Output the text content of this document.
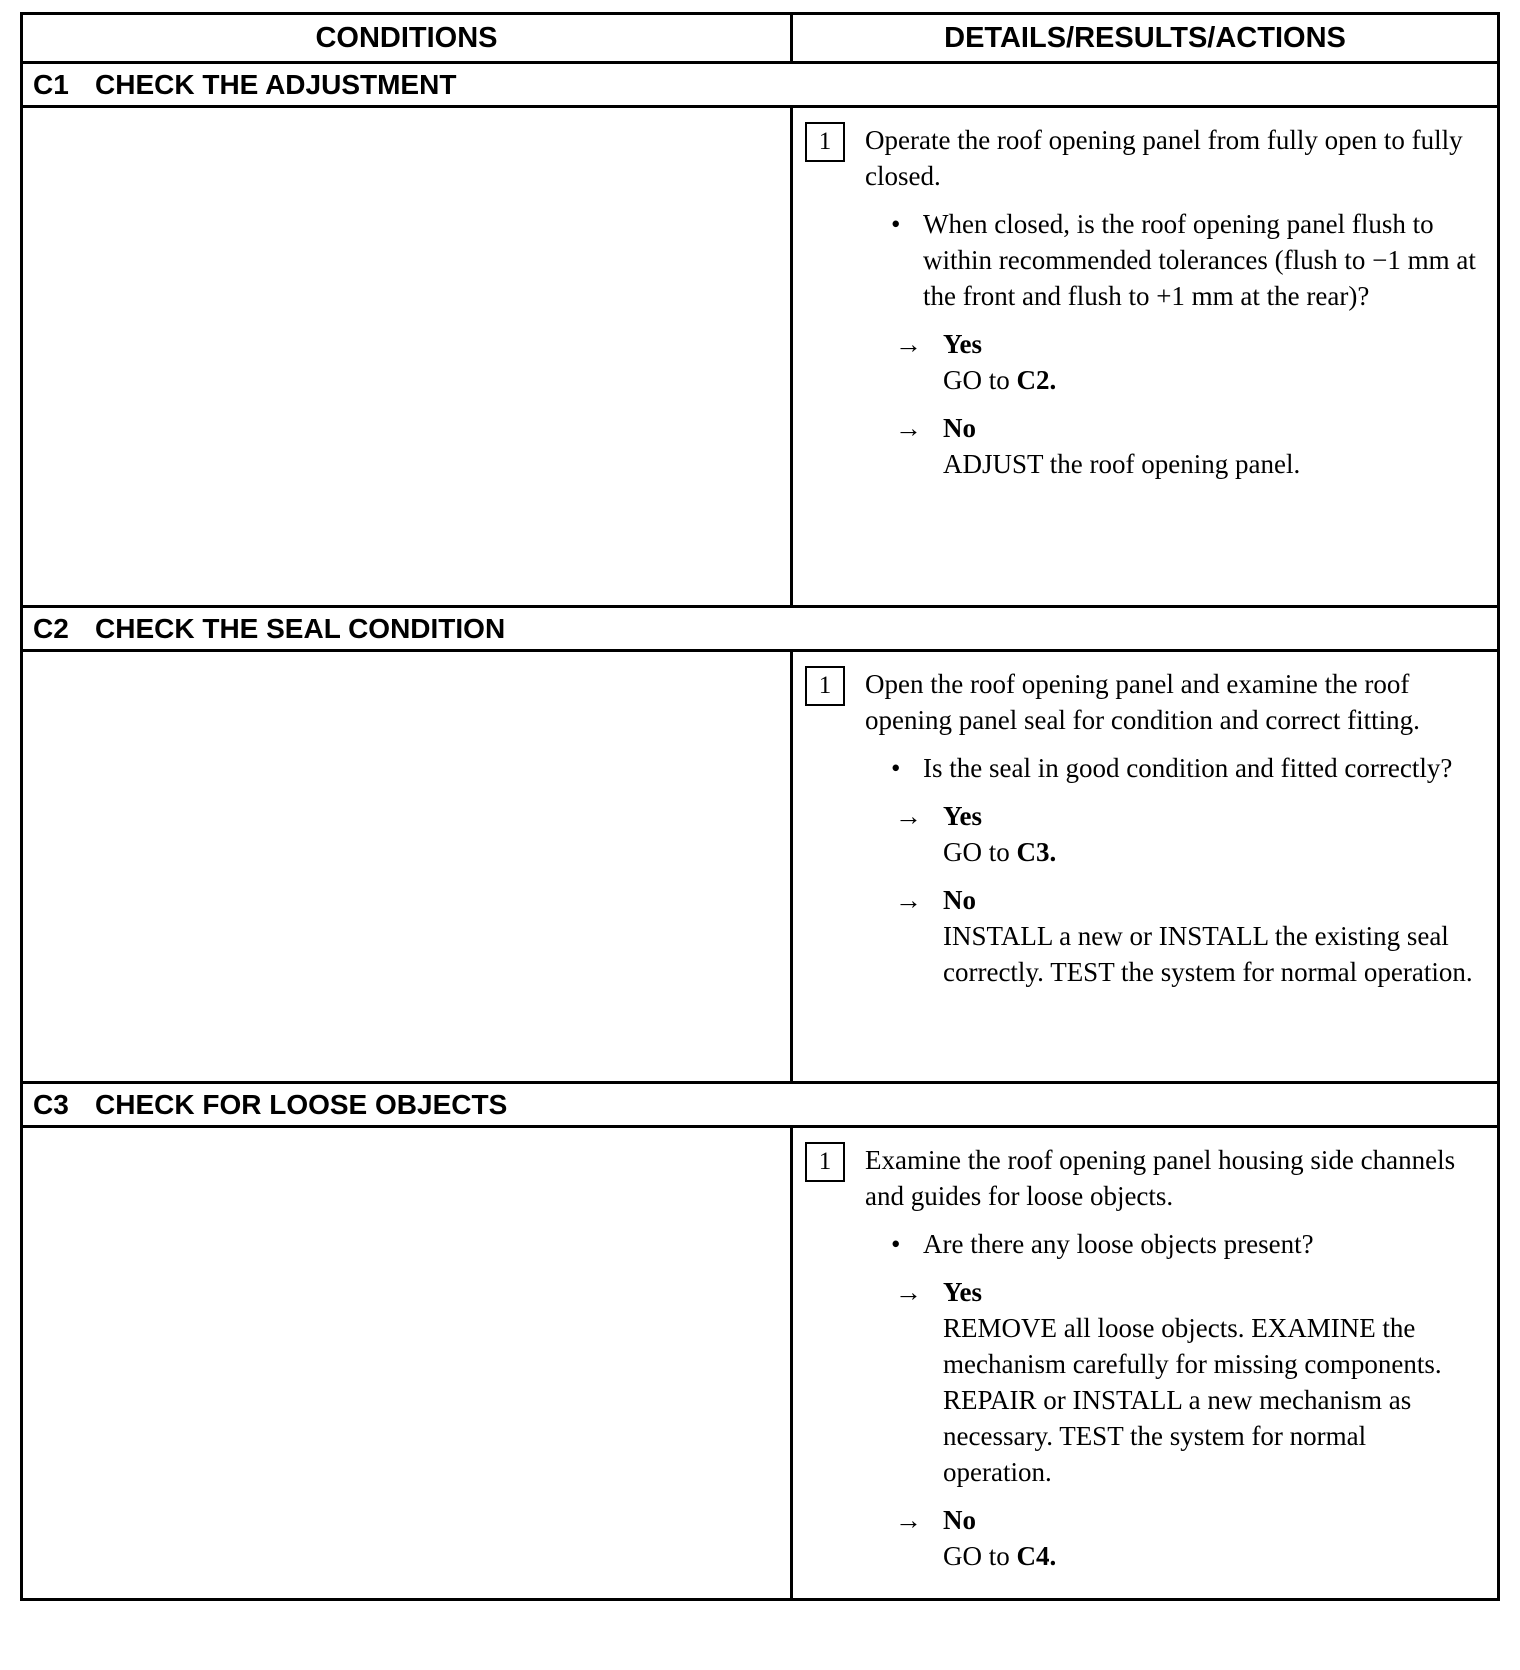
CONDITIONS	DETAILS/RESULTS/ACTIONS
C1 CHECK THE ADJUSTMENT
1	Operate the roof opening panel from fully open to fully closed.
• When closed, is the roof opening panel flush to within recommended tolerances (flush to −1 mm at the front and flush to +1 mm at the rear)?
→ Yes
GO to C2.
→ No
ADJUST the roof opening panel.
C2 CHECK THE SEAL CONDITION
1	Open the roof opening panel and examine the roof opening panel seal for condition and correct fitting.
• Is the seal in good condition and fitted correctly?
→ Yes
GO to C3.
→ No
INSTALL a new or INSTALL the existing seal correctly. TEST the system for normal operation.
C3 CHECK FOR LOOSE OBJECTS
1	Examine the roof opening panel housing side channels and guides for loose objects.
• Are there any loose objects present?
→ Yes
REMOVE all loose objects. EXAMINE the mechanism carefully for missing components. REPAIR or INSTALL a new mechanism as necessary. TEST the system for normal operation.
→ No
GO to C4.
